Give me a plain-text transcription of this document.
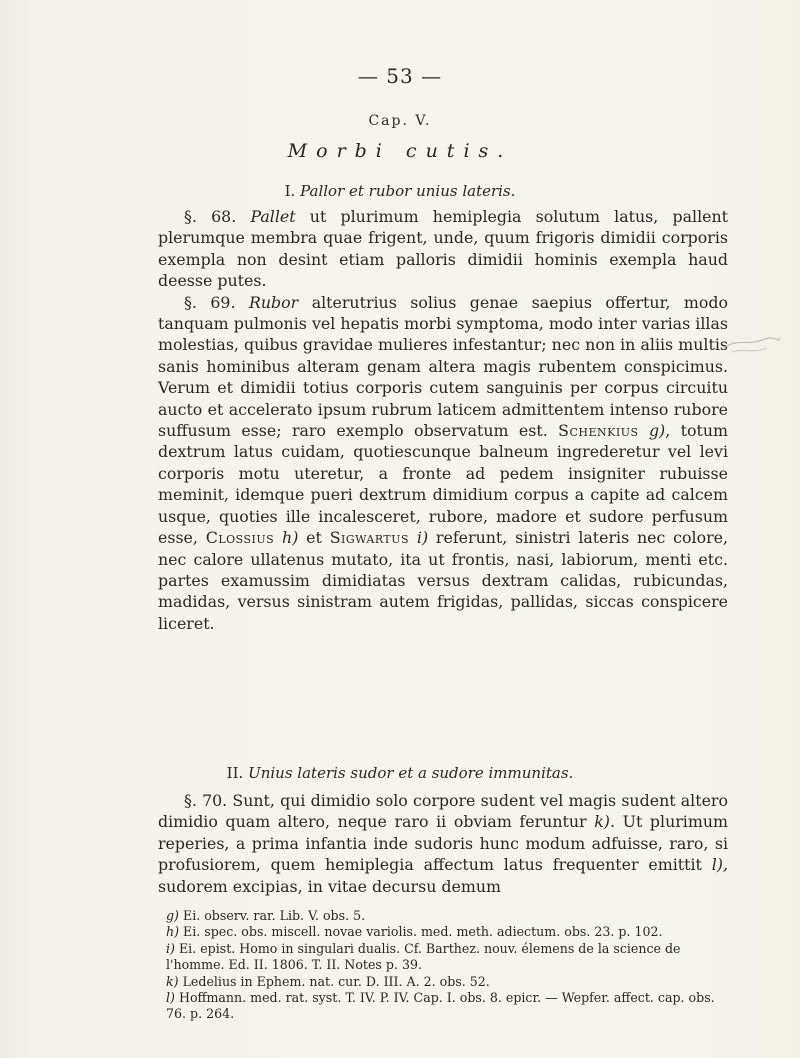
— 53 —
Cap. V.
Morbi cutis.
I. Pallor et rubor unius lateris.

§. 68. Pallet ut plurimum hemiplegia solutum latus, pallent plerumque membra quae frigent, unde, quum frigoris dimidii corporis exempla non desint etiam palloris dimidii hominis exempla haud deesse putes.

§. 69. Rubor alterutrius solius genae saepius offertur, modo tanquam pulmonis vel hepatis morbi symptoma, modo inter varias illas molestias, quibus gravidae mulieres infestantur; nec non in aliis multis sanis hominibus alteram genam altera magis rubentem conspicimus. Verum et dimidii totius corporis cutem sanguinis per corpus circuitu aucto et accelerato ipsum rubrum laticem admittentem intenso rubore suffusum esse; raro exemplo observatum est. Schenkius g), totum dextrum latus cuidam, quotiescunque balneum ingrederetur vel levi corporis motu uteretur, a fronte ad pedem insigniter rubuisse meminit, idemque pueri dextrum dimidium corpus a capite ad calcem usque, quoties ille incalesceret, rubore, madore et sudore perfusum esse, Clossius h) et Sigwartus i) referunt, sinistri lateris nec colore, nec calore ullatenus mutato, ita ut frontis, nasi, labiorum, menti etc. partes examussim dimidiatas versus dextram calidas, rubicundas, madidas, versus sinistram autem frigidas, pallidas, siccas conspicere liceret.

II. Unius lateris sudor et a sudore immunitas.

§. 70. Sunt, qui dimidio solo corpore sudent vel magis sudent altero dimidio quam altero, neque raro ii obviam feruntur k). Ut plurimum reperies, a prima infantia inde sudoris hunc modum adfuisse, raro, si profusiorem, quem hemiplegia affectum latus frequenter emittit l), sudorem excipias, in vitae decursu demum

g) Ei. observ. rar. Lib. V. obs. 5.
h) Ei. spec. obs. miscell. novae variolis. med. meth. adiectum. obs. 23. p. 102.
i) Ei. epist. Homo in singulari dualis. Cf. Barthez. nouv. élemens de la science de l'homme. Ed. II. 1806. T. II. Notes p. 39.
k) Ledelius in Ephem. nat. cur. D. III. A. 2. obs. 52.
l) Hoffmann. med. rat. syst. T. IV. P. IV. Cap. I. obs. 8. epicr. — Wepfer. affect. cap. obs. 76. p. 264.
